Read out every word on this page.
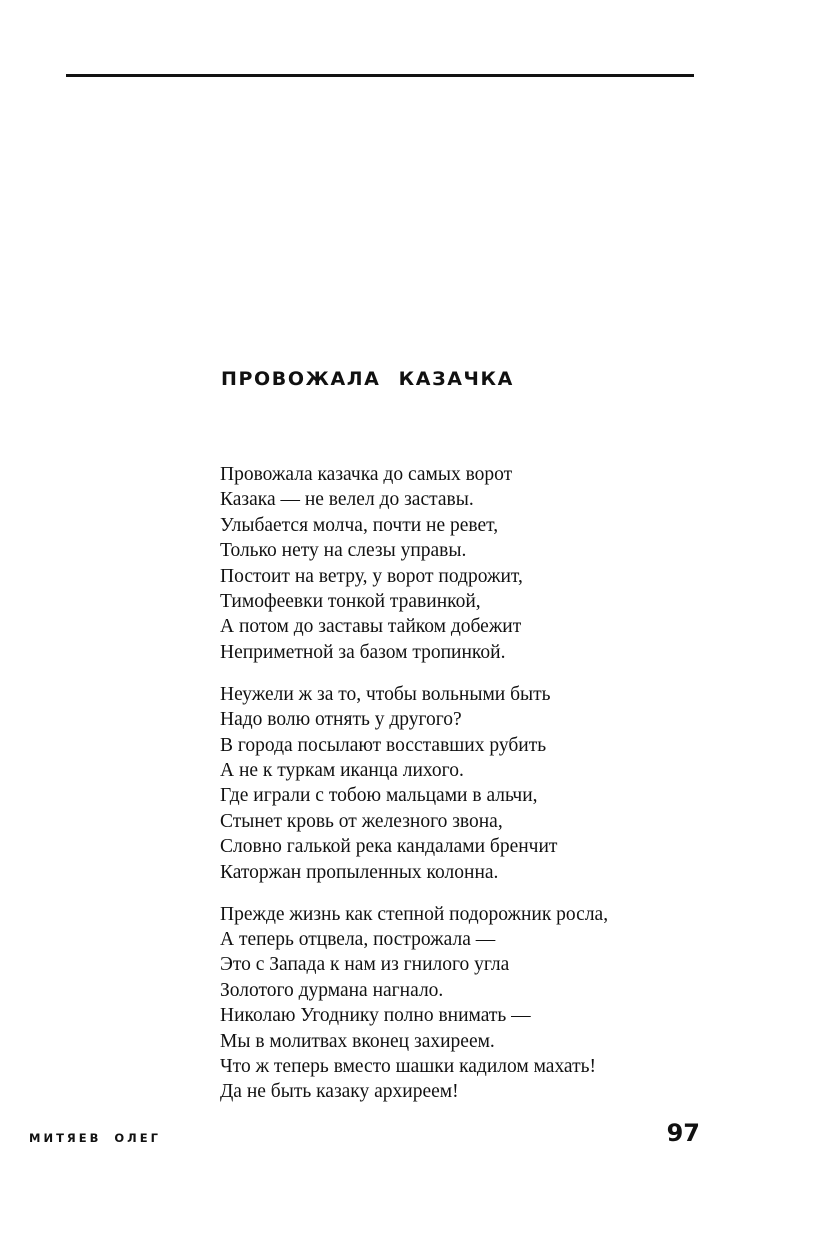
ПРОВОЖАЛА КАЗАЧКА
Провожала казачка до самых ворот
Казака — не велел до заставы.
Улыбается молча, почти не ревет,
Только нету на слезы управы.
Постоит на ветру, у ворот подрожит,
Тимофеевки тонкой травинкой,
А потом до заставы тайком добежит
Неприметной за базом тропинкой.
Неужели ж за то, чтобы вольными быть
Надо волю отнять у другого?
В города посылают восставших рубить
А не к туркам иканца лихого.
Где играли с тобою мальцами в альчи,
Стынет кровь от железного звона,
Словно галькой река кандалами бренчит
Каторжан пропыленных колонна.
Прежде жизнь как степной подорожник росла,
А теперь отцвела, построжала —
Это с Запада к нам из гнилого угла
Золотого дурмана нагнало.
Николаю Угоднику полно внимать —
Мы в молитвах вконец захиреем.
Что ж теперь вместо шашки кадилом махать!
Да не быть казаку архиреем!
МИТЯЕВ ОЛЕГ	97
